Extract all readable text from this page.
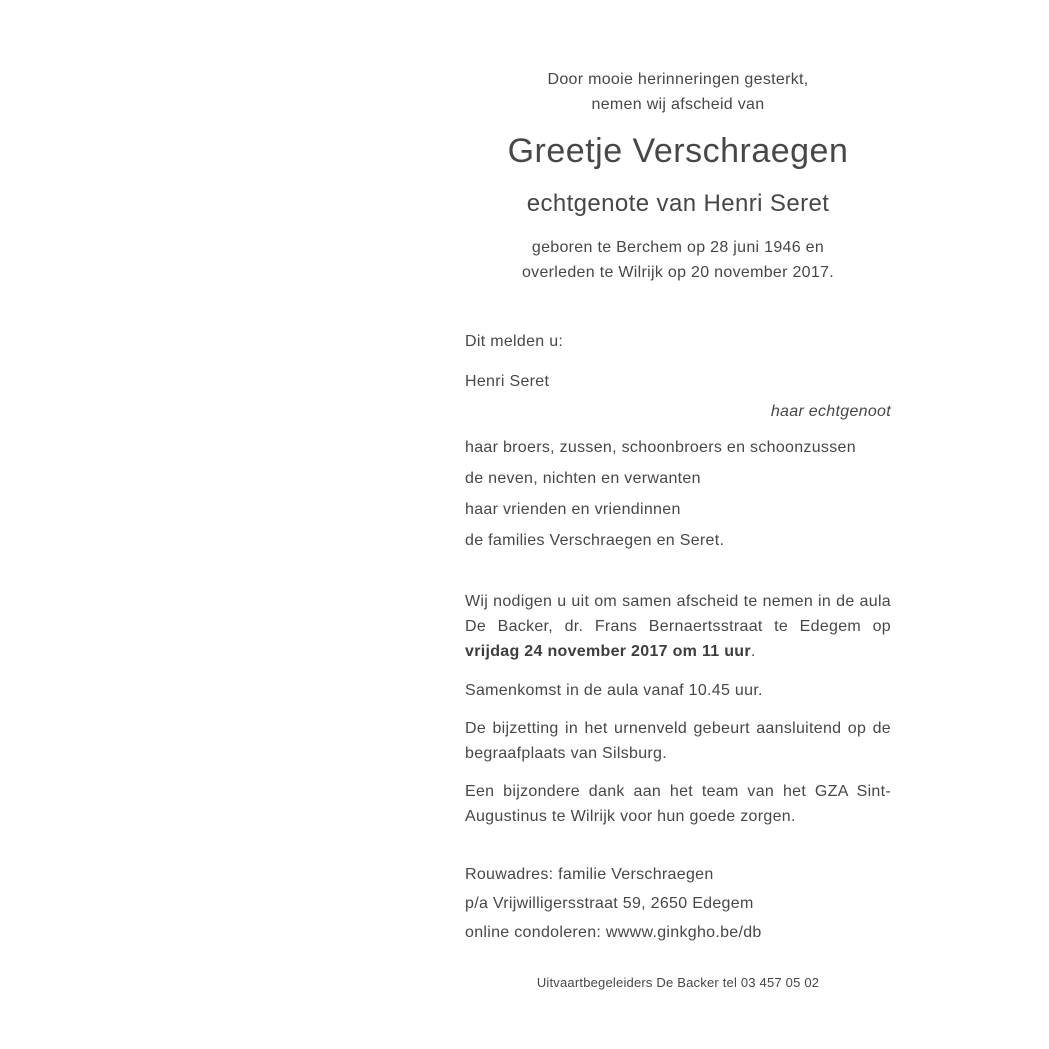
Door mooie herinneringen gesterkt,
nemen wij afscheid van
Greetje Verschraegen
echtgenote van Henri Seret
geboren te Berchem op 28 juni 1946 en
overleden te Wilrijk op 20 november 2017.
Dit melden u:
Henri Seret
haar echtgenoot
haar broers, zussen, schoonbroers en schoonzussen
de neven, nichten en verwanten
haar vrienden en vriendinnen
de families Verschraegen en Seret.
Wij nodigen u uit om samen afscheid te nemen in de aula De Backer, dr. Frans Bernaertsstraat te Edegem op vrijdag 24 november 2017 om 11 uur.
Samenkomst in de aula vanaf 10.45 uur.
De bijzetting in het urnenveld gebeurt aansluitend op de begraafplaats van Silsburg.
Een bijzondere dank aan het team van het GZA Sint-Augustinus te Wilrijk voor hun goede zorgen.
Rouwadres: familie Verschraegen
p/a Vrijwilligersstraat 59, 2650 Edegem
online condoleren: wwww.ginkgho.be/db
Uitvaartbegeleiders De Backer tel 03 457 05 02
